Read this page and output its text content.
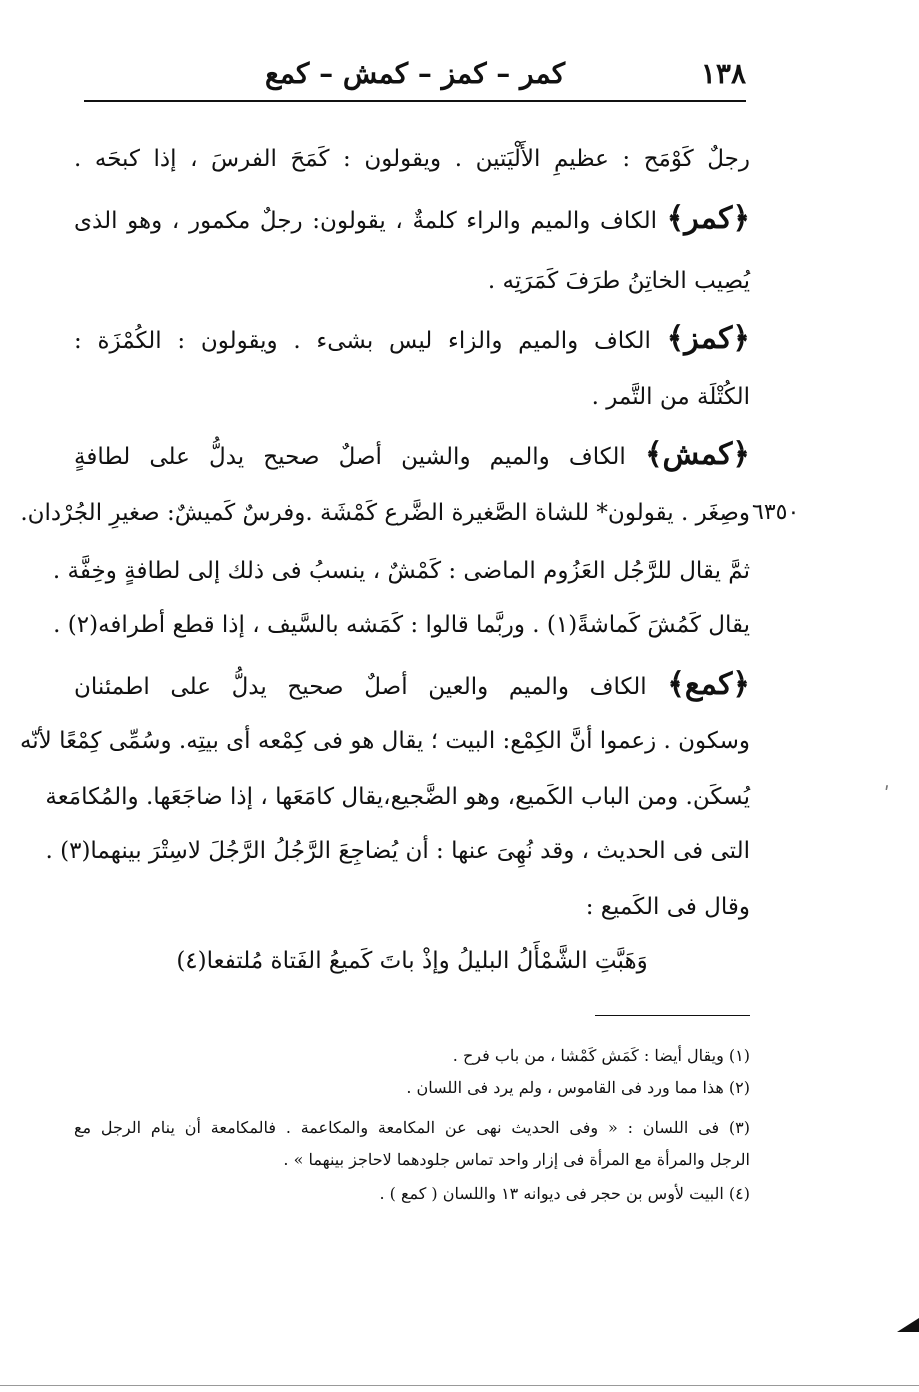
١٣٨
كمر – كمز – كمش – كمع
رجلٌ كَوْمَح : عظيمِ الأَلْيَتين . ويقولون : كَمَحَ الفرسَ ، إذا كبحَه .
﴿كمر﴾ الكاف والميم والراء كلمةٌ ، يقولون: رجلٌ مكمور ، وهو الذى
يُصِيب الخاتِنُ طرَفَ كَمَرَتِه .
﴿كمز﴾ الكاف والميم والزاء ليس بشىء . ويقولون : الكُمْزَة :
الكُتْلَة من التَّمر .
﴿كمش﴾ الكاف والميم والشين أصلٌ صحيح يدلُّ على لطافةٍ
٦٣٥٠
وصِغَر . يقولون* للشاة الصَّغيرة الضَّرع كَمْشَة .وفرسٌ كَميشٌ: صغيرِ الجُرْدان.
ثمَّ يقال للرَّجُل العَزُوم الماضى : كَمْشٌ ، ينسبُ فى ذلك إلى لطافةٍ وخِفَّة .
يقال كَمُشَ كَماشةً(١) . وربَّما قالوا : كَمَشه بالسَّيف ، إذا قطع أطرافه(٢) .
﴿كمع﴾ الكاف والميم والعين أصلٌ صحيح يدلُّ على اطمئنان
وسكون . زعموا أنَّ الكِمْع: البيت ؛ يقال هو فى كِمْعه أى بيتِه. وسُمِّى كِمْعًا لأنّه
يُسكَن. ومن الباب الكَميع، وهو الضَّجيع،يقال كامَعَها ، إذا ضاجَعَها. والمُكامَعة
التى فى الحديث ، وقد نُهِىَ عنها : أن يُضاجِعَ الرَّجُلُ الرَّجُلَ لاسِتْرَ بينهما(٣) .
وقال فى الكَميع :
وَهَبَّتِ الشَّمْأَلُ البليلُ وإذْ باتَ كَميعُ الفَتاة مُلتفعا(٤)
(١) ويقال أيضا : كَمَش كَمْشا ، من باب فرح .
(٢) هذا مما ورد فى القاموس ، ولم يرد فى اللسان .
(٣) فى اللسان : « وفى الحديث نهى عن المكامعة والمكاعمة . فالمكامعة أن ينام الرجل مع
الرجل والمرأة مع المرأة فى إزار واحد تماس جلودهما لاحاجز بينهما » .
(٤) البيت لأوس بن حجر فى ديوانه ١٣ واللسان ( كمع ) .
ʹ
